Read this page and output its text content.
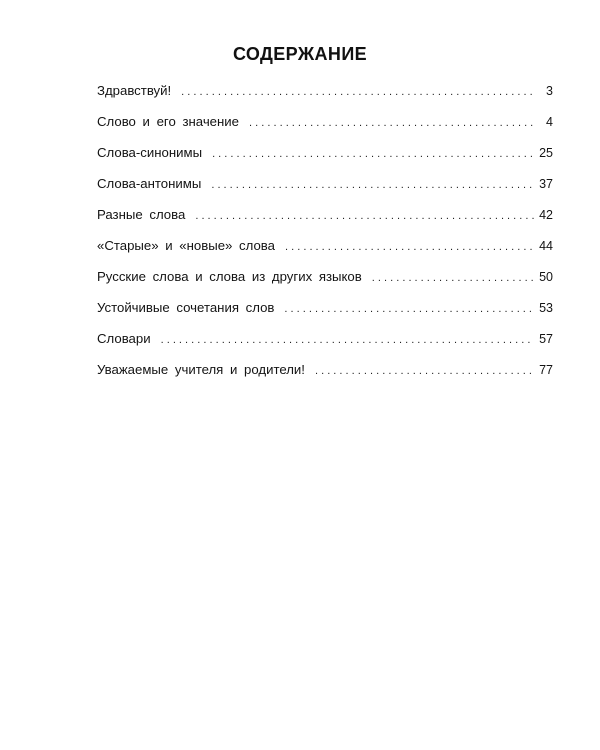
СОДЕРЖАНИЕ
Здравствуй! . . .	3
Слово и его значение . . .	4
Слова-синонимы . . .	25
Слова-антонимы . . .	37
Разные слова . . .	42
«Старые» и «новые» слова . . .	44
Русские слова и слова из других языков . . .	50
Устойчивые сочетания слов . . .	53
Словари . . .	57
Уважаемые учителя и родители! . . .	77
